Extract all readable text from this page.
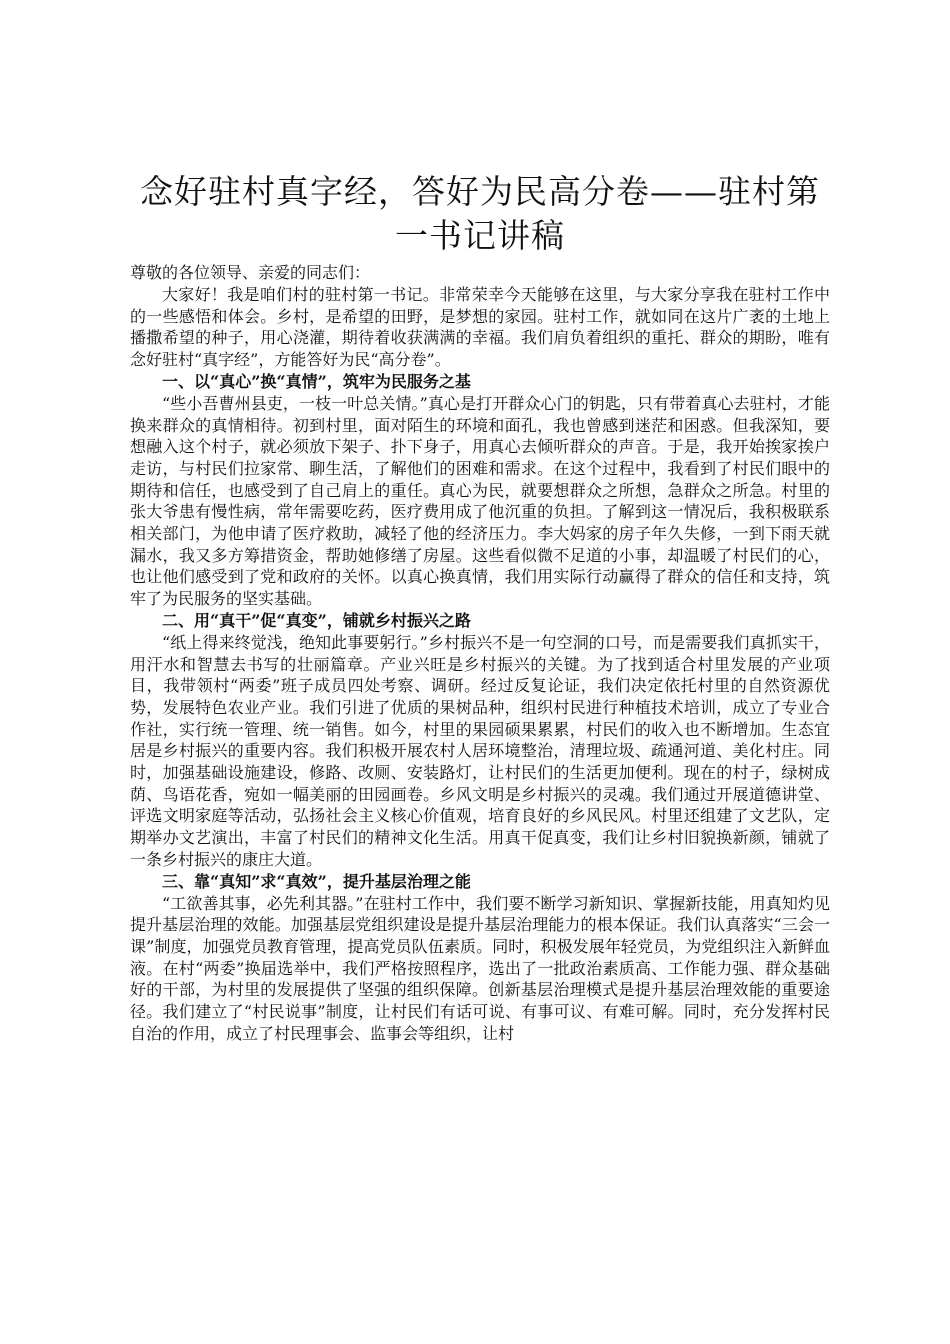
念好驻村真字经，答好为民高分卷——驻村第
一书记讲稿

尊敬的各位领导、亲爱的同志们：

大家好！我是咱们村的驻村第一书记。非常荣幸今天能够在这里，与大家分享我在驻村工作中的一些感悟和体会。乡村，是希望的田野，是梦想的家园。驻村工作，就如同在这片广袤的土地上播撒希望的种子，用心浇灌，期待着收获满满的幸福。我们肩负着组织的重托、群众的期盼，唯有念好驻村“真字经”，方能答好为民“高分卷”。

一、以“真心”换“真情”，筑牢为民服务之基

“些小吾曹州县吏，一枝一叶总关情。”真心是打开群众心门的钥匙，只有带着真心去驻村，才能换来群众的真情相待。初到村里，面对陌生的环境和面孔，我也曾感到迷茫和困惑。但我深知，要想融入这个村子，就必须放下架子、扑下身子，用真心去倾听群众的声音。于是，我开始挨家挨户走访，与村民们拉家常、聊生活，了解他们的困难和需求。在这个过程中，我看到了村民们眼中的期待和信任，也感受到了自己肩上的重任。真心为民，就要想群众之所想，急群众之所急。村里的张大爷患有慢性病，常年需要吃药，医疗费用成了他沉重的负担。了解到这一情况后，我积极联系相关部门，为他申请了医疗救助，减轻了他的经济压力。李大妈家的房子年久失修，一到下雨天就漏水，我又多方筹措资金，帮助她修缮了房屋。这些看似微不足道的小事，却温暖了村民们的心，也让他们感受到了党和政府的关怀。以真心换真情，我们用实际行动赢得了群众的信任和支持，筑牢了为民服务的坚实基础。

二、用“真干”促“真变”，铺就乡村振兴之路

“纸上得来终觉浅，绝知此事要躬行。”乡村振兴不是一句空洞的口号，而是需要我们真抓实干，用汗水和智慧去书写的壮丽篇章。产业兴旺是乡村振兴的关键。为了找到适合村里发展的产业项目，我带领村“两委”班子成员四处考察、调研。经过反复论证，我们决定依托村里的自然资源优势，发展特色农业产业。我们引进了优质的果树品种，组织村民进行种植技术培训，成立了专业合作社，实行统一管理、统一销售。如今，村里的果园硕果累累，村民们的收入也不断增加。生态宜居是乡村振兴的重要内容。我们积极开展农村人居环境整治，清理垃圾、疏通河道、美化村庄。同时，加强基础设施建设，修路、改厕、安装路灯，让村民们的生活更加便利。现在的村子，绿树成荫、鸟语花香，宛如一幅美丽的田园画卷。乡风文明是乡村振兴的灵魂。我们通过开展道德讲堂、评选文明家庭等活动，弘扬社会主义核心价值观，培育良好的乡风民风。村里还组建了文艺队，定期举办文艺演出，丰富了村民们的精神文化生活。用真干促真变，我们让乡村旧貌换新颜，铺就了一条乡村振兴的康庄大道。

三、靠“真知”求“真效”，提升基层治理之能

“工欲善其事，必先利其器。”在驻村工作中，我们要不断学习新知识、掌握新技能，用真知灼见提升基层治理的效能。加强基层党组织建设是提升基层治理能力的根本保证。我们认真落实“三会一课”制度，加强党员教育管理，提高党员队伍素质。同时，积极发展年轻党员，为党组织注入新鲜血液。在村“两委”换届选举中，我们严格按照程序，选出了一批政治素质高、工作能力强、群众基础好的干部，为村里的发展提供了坚强的组织保障。创新基层治理模式是提升基层治理效能的重要途径。我们建立了“村民说事”制度，让村民们有话可说、有事可议、有难可解。同时，充分发挥村民自治的作用，成立了村民理事会、监事会等组织，让村
